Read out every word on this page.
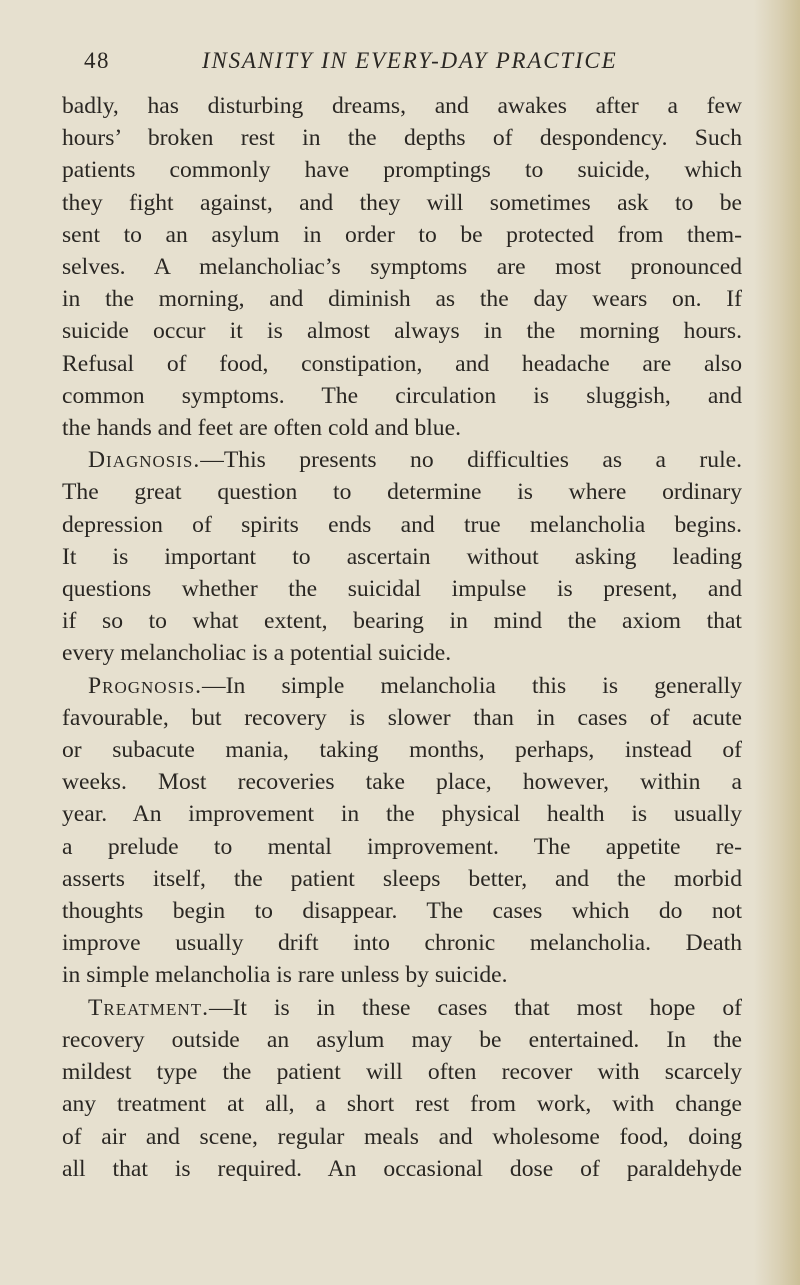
48	INSANITY IN EVERY-DAY PRACTICE

badly, has disturbing dreams, and awakes after a few
hours’ broken rest in the depths of despondency. Such
patients commonly have promptings to suicide, which
they fight against, and they will sometimes ask to be
sent to an asylum in order to be protected from them-
selves. A melancholiac’s symptoms are most pronounced
in the morning, and diminish as the day wears on. If
suicide occur it is almost always in the morning hours.
Refusal of food, constipation, and headache are also
common symptoms. The circulation is sluggish, and
the hands and feet are often cold and blue.

Diagnosis.—This presents no difficulties as a rule.
The great question to determine is where ordinary
depression of spirits ends and true melancholia begins.
It is important to ascertain without asking leading
questions whether the suicidal impulse is present, and
if so to what extent, bearing in mind the axiom that
every melancholiac is a potential suicide.

Prognosis.—In simple melancholia this is generally
favourable, but recovery is slower than in cases of acute
or subacute mania, taking months, perhaps, instead of
weeks. Most recoveries take place, however, within a
year. An improvement in the physical health is usually
a prelude to mental improvement. The appetite re-
asserts itself, the patient sleeps better, and the morbid
thoughts begin to disappear. The cases which do not
improve usually drift into chronic melancholia. Death
in simple melancholia is rare unless by suicide.

Treatment.—It is in these cases that most hope of
recovery outside an asylum may be entertained. In the
mildest type the patient will often recover with scarcely
any treatment at all, a short rest from work, with change
of air and scene, regular meals and wholesome food, doing
all that is required. An occasional dose of paraldehyde
